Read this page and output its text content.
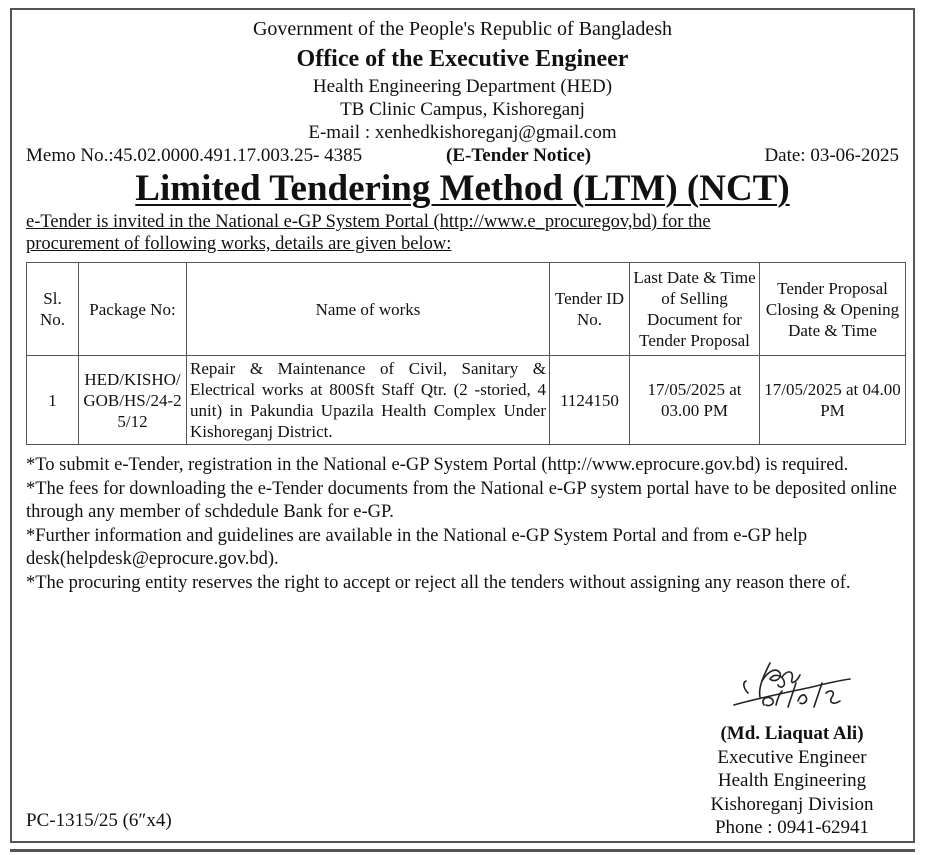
Government of the People's Republic of Bangladesh
Office of the Executive Engineer
Health Engineering Department (HED)
TB Clinic Campus, Kishoreganj
E-mail : xenhedkishoreganj@gmail.com
Memo No.:45.02.0000.491.17.003.25- 4385	(E-Tender Notice)	Date: 03-06-2025
Limited Tendering Method (LTM) (NCT)
e-Tender is invited in the National e-GP System Portal (http://www.e_procuregov,bd) for the
procurement of following works, details are given below:
Sl. No.	Package No:	Name of works	Tender ID No.	Last Date & Time of Selling Document for Tender Proposal	Tender Proposal Closing & Opening Date & Time
1	HED/KISHO/GOB/HS/24-25/12	Repair & Maintenance of Civil, Sanitary & Electrical works at 800Sft Staff Qtr. (2 -storied, 4 unit) in Pakundia Upazila Health Complex Under Kishoreganj District.	1124150	17/05/2025 at 03.00 PM	17/05/2025 at 04.00 PM

*To submit e-Tender, registration in the National e-GP System Portal (http://www.eprocure.gov.bd) is required.

*The fees for downloading the e-Tender documents from the National e-GP system portal have to be deposited online through any member of schdedule Bank for e-GP.

*Further information and guidelines are available in the National e-GP System Portal and from e-GP help desk(helpdesk@eprocure.gov.bd).

*The procuring entity reserves the right to accept or reject all the tenders without assigning any reason there of.

(Md. Liaquat Ali)
Executive Engineer
Health Engineering
Kishoreganj Division
Phone : 0941-62941
PC-1315/25 (6″x4)
